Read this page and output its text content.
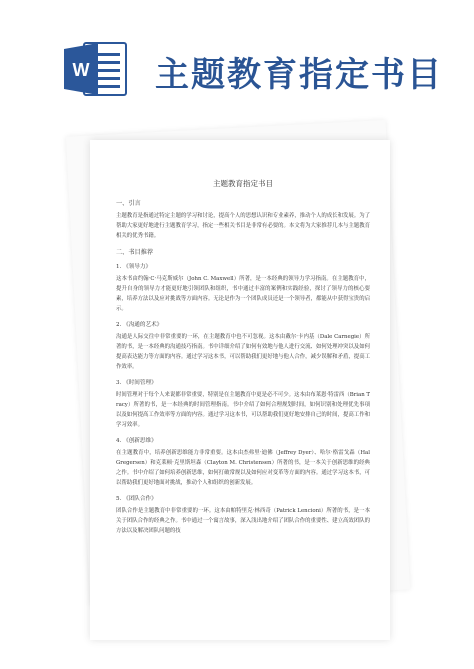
W 主题教育指定书目
主题教育指定书目
一、引言
主题教育是指通过特定主题的学习和讨论，提高个人的思想认识和专业素养，推动个人的成长和发展。为了帮助大家更好地进行主题教育学习，指定一些相关书目是非常有必要的。本文将为大家推荐几本与主题教育相关的优秀书籍。
二、书目推荐
1. 《领导力》
这本书由约翰·C·马克斯威尔（John C. Maxwell）所著，是一本经典的领导力学习指南。在主题教育中，提升自身的领导力才能更好地引领团队和组织，书中通过丰富的案例和实践经验，探讨了领导力的核心要素，培养方法以及应对挑战等方面内容。无论是作为一个团队成员还是一个领导者，都能从中获得宝贵的启示。
2. 《沟通的艺术》
沟通是人际交往中非常重要的一环，在主题教育中也不可忽视。这本由戴尔·卡内基（Dale Carnegie）所著的书，是一本经典的沟通技巧指南。书中详细介绍了如何有效地与他人进行交流、如何处理冲突以及如何提高表达能力等方面的内容。通过学习这本书，可以帮助我们更好地与他人合作，减少误解和矛盾，提高工作效率。
3. 《时间管理》
时间管理对于每个人来说都非常重要，特别是在主题教育中更是必不可少。这本由布莱恩·特雷西（Brian Tracy）所著的书，是一本经典的时间管理指南。书中介绍了如何合理规划时间，如何识别和处理优先事项以及如何提高工作效率等方面的内容。通过学习这本书，可以帮助我们更好地安排自己的时间，提高工作和学习效率。
4. 《创新思维》
在主题教育中，培养创新思维能力非常重要。这本由杰弗里·迪佛（Jeffrey Dyer）、哈尔·格雷戈森（Hal Gregersen）和克莱顿·克里斯坦森（Clayton M. Christensen）所著的书，是一本关于创新思维的经典之作。书中介绍了如何培养创新思维，如何打破常规以及如何应对变革等方面的内容。通过学习这本书，可以帮助我们更好地面对挑战，推动个人和组织的创新发展。
5. 《团队合作》
团队合作是主题教育中非常重要的一环。这本由帕特里克·林西奇（Patrick Lencioni）所著的书，是一本关于团队合作的经典之作。书中通过一个寓言故事，深入浅出地介绍了团队合作的重要性、建立高效团队的方法以及解决团队问题的技
